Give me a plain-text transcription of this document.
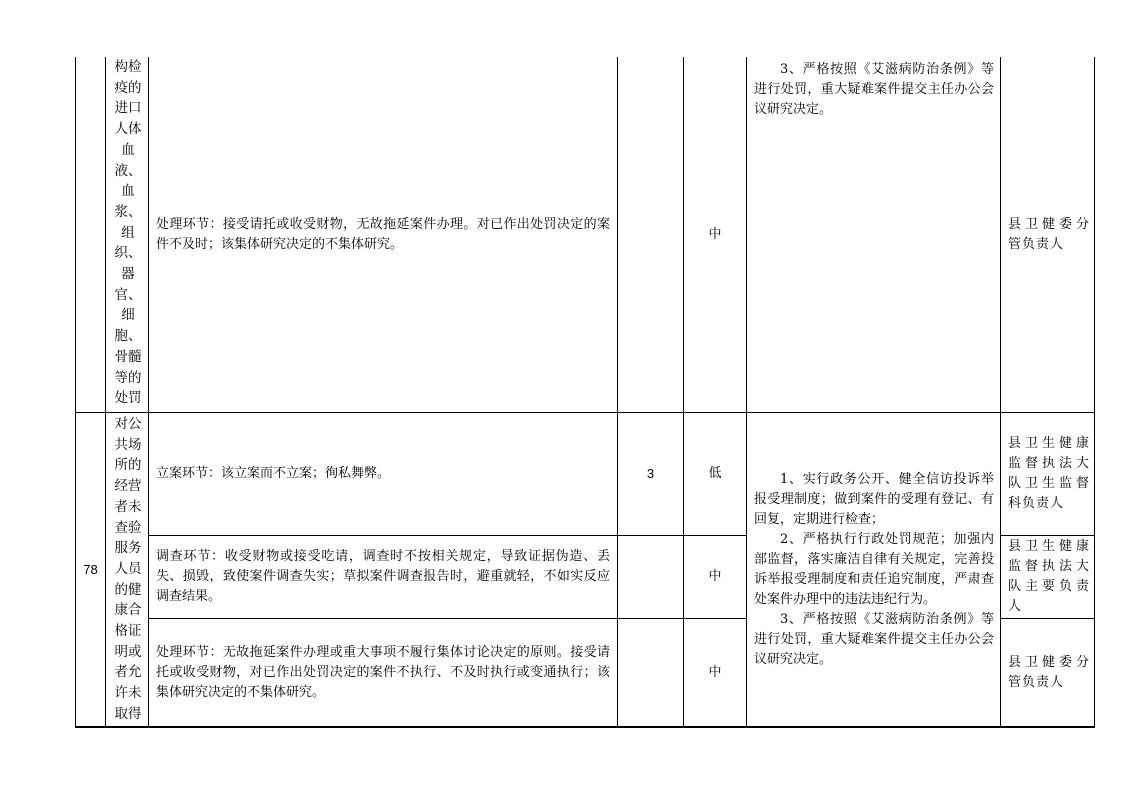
构检疫的进口人体血液、血浆、组织、器官、细胞、骨髓等的处罚
处理环节：接受请托或收受财物，无故拖延案件办理。对已作出处罚决定的案件不及时；该集体研究决定的不集体研究。
中
3、严格按照《艾滋病防治条例》等进行处罚，重大疑难案件提交主任办公会议研究决定。
县卫健委分管负责人
78
对公共场所的经营者未查验服务人员的健康合格证明或者允许未取得
立案环节：该立案而不立案；徇私舞弊。	3	低
县卫生健康监督执法大队卫生监督科负责人
调查环节：收受财物或接受吃请，调查时不按相关规定，导致证据伪造、丢失、损毁，致使案件调查失实；草拟案件调查报告时，避重就轻，不如实反应调查结果。
中
县卫生健康监督执法大队主要负责人
处理环节：无故拖延案件办理或重大事项不履行集体讨论决定的原则。接受请托或收受财物，对已作出处罚决定的案件不执行、不及时执行或变通执行；该集体研究决定的不集体研究。
中
县卫健委分管负责人
1、实行政务公开、健全信访投诉举报受理制度；做到案件的受理有登记、有回复，定期进行检查；
2、严格执行行政处罚规范；加强内部监督，落实廉洁自律有关规定，完善投诉举报受理制度和责任追究制度，严肃查处案件办理中的违法违纪行为。
3、严格按照《艾滋病防治条例》等进行处罚，重大疑难案件提交主任办公会议研究决定。
